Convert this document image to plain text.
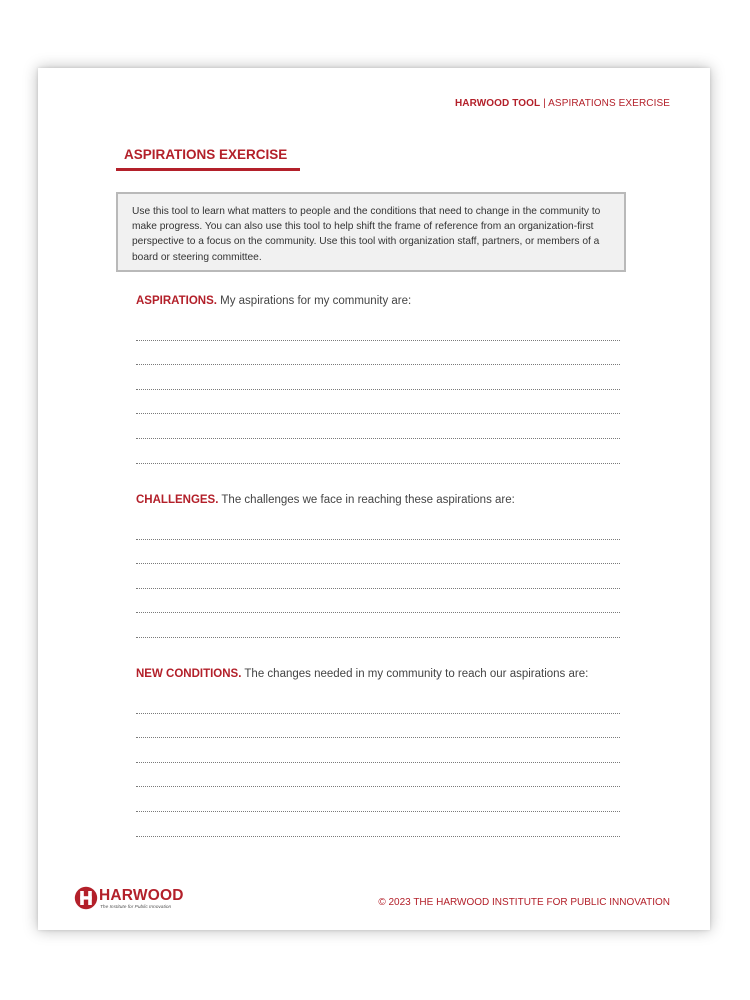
HARWOOD TOOL | ASPIRATIONS EXERCISE
ASPIRATIONS EXERCISE
Use this tool to learn what matters to people and the conditions that need to change in the community to make progress. You can also use this tool to help shift the frame of reference from an organization-first perspective to a focus on the community. Use this tool with organization staff, partners, or members of a board or steering committee.
ASPIRATIONS. My aspirations for my community are:
CHALLENGES. The challenges we face in reaching these aspirations are:
NEW CONDITIONS. The changes needed in my community to reach our aspirations are:
HARWOOD
The Institute for Public Innovation	© 2023 THE HARWOOD INSTITUTE FOR PUBLIC INNOVATION
